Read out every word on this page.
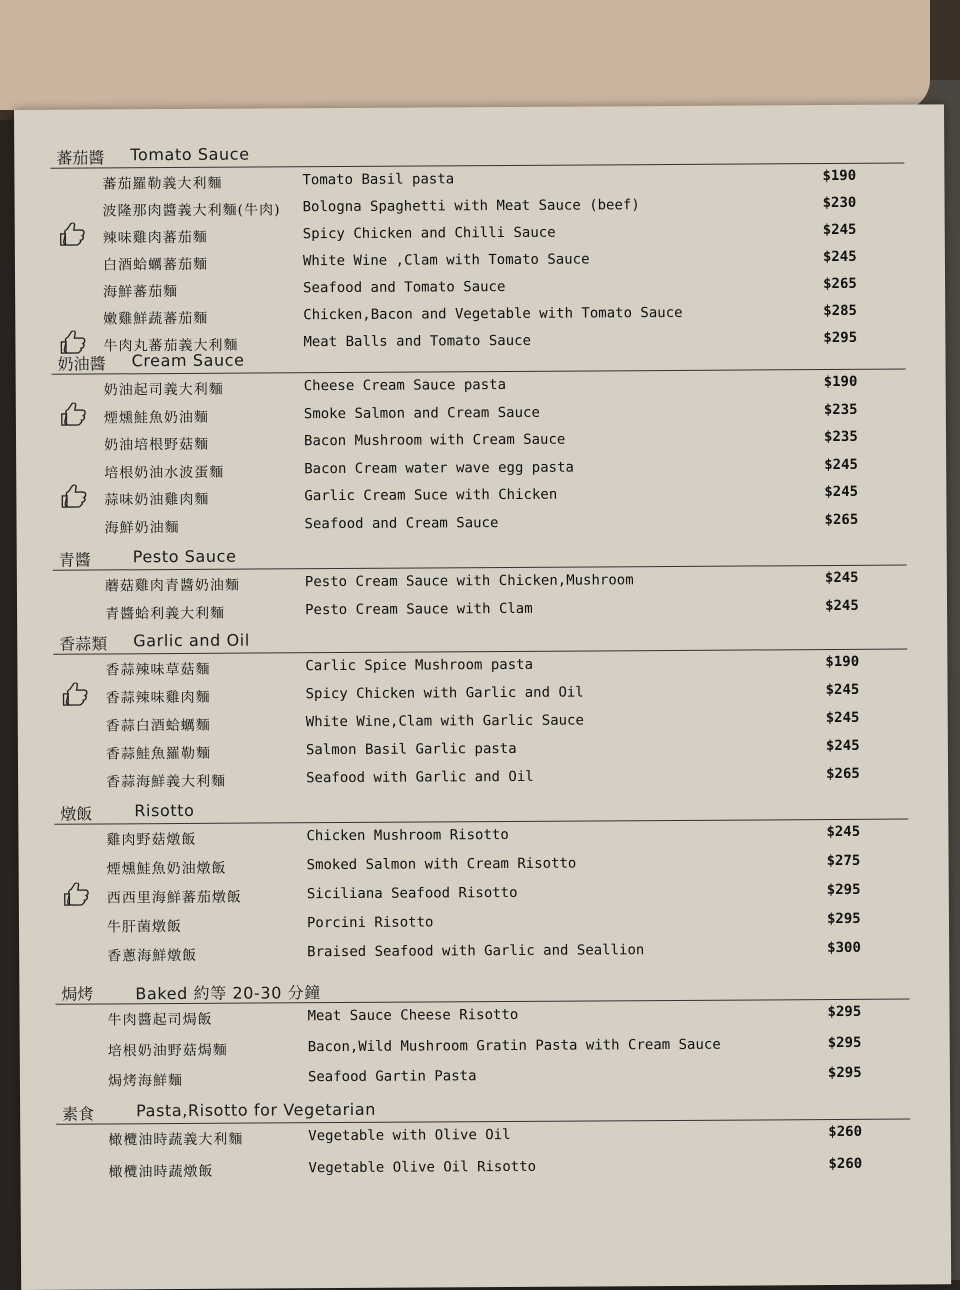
蕃茄醬 Tomato Sauce
蕃茄羅勒義大利麵	Tomato Basil pasta	$190
波隆那肉醬義大利麵(牛肉) Bologna Spaghetti with Meat Sauce (beef)	$230
辣味雞肉蕃茄麵	Spicy Chicken and Chilli Sauce	$245
白酒蛤蠣蕃茄麵	White Wine ,Clam with Tomato Sauce	$245
海鮮蕃茄麵	Seafood and Tomato Sauce	$265
嫩雞鮮蔬蕃茄麵	Chicken,Bacon and Vegetable with Tomato Sauce	$285
牛肉丸蕃茄義大利麵	Meat Balls and Tomato Sauce	$295
奶油醬 Cream Sauce
奶油起司義大利麵	Cheese Cream Sauce pasta	$190
煙燻鮭魚奶油麵	Smoke Salmon and Cream Sauce	$235
奶油培根野菇麵	Bacon Mushroom with Cream Sauce	$235
培根奶油水波蛋麵	Bacon Cream water wave egg pasta	$245
蒜味奶油雞肉麵	Garlic Cream Suce with Chicken	$245
海鮮奶油麵	Seafood and Cream Sauce	$265
青醬	Pesto Sauce
蘑菇雞肉青醬奶油麵	Pesto Cream Sauce with Chicken,Mushroom	$245
青醬蛤利義大利麵	Pesto Cream Sauce with Clam	$245
香蒜類 Garlic and Oil
香蒜辣味草菇麵	Carlic Spice Mushroom pasta	$190
香蒜辣味雞肉麵	Spicy Chicken with Garlic and Oil	$245
香蒜白酒蛤蠣麵	White Wine,Clam with Garlic Sauce	$245
香蒜鮭魚羅勒麵	Salmon Basil Garlic pasta	$245
香蒜海鮮義大利麵	Seafood with Garlic and Oil	$265
燉飯	Risotto
雞肉野菇燉飯	Chicken Mushroom Risotto	$245
煙燻鮭魚奶油燉飯	Smoked Salmon with Cream Risotto	$275
西西里海鮮蕃茄燉飯	Siciliana Seafood Risotto	$295
牛肝菌燉飯	Porcini Risotto	$295
香蔥海鮮燉飯	Braised Seafood with Garlic and Seallion	$300
焗烤	Baked 約等 20-30 分鐘
牛肉醬起司焗飯	Meat Sauce Cheese Risotto	$295
培根奶油野菇焗麵	Bacon,Wild Mushroom Gratin Pasta with Cream Sauce	$295
焗烤海鮮麵	Seafood Gartin Pasta	$295
素食	Pasta,Risotto for Vegetarian
橄欖油時蔬義大利麵	Vegetable with Olive Oil	$260
橄欖油時蔬燉飯	Vegetable Olive Oil Risotto	$260
